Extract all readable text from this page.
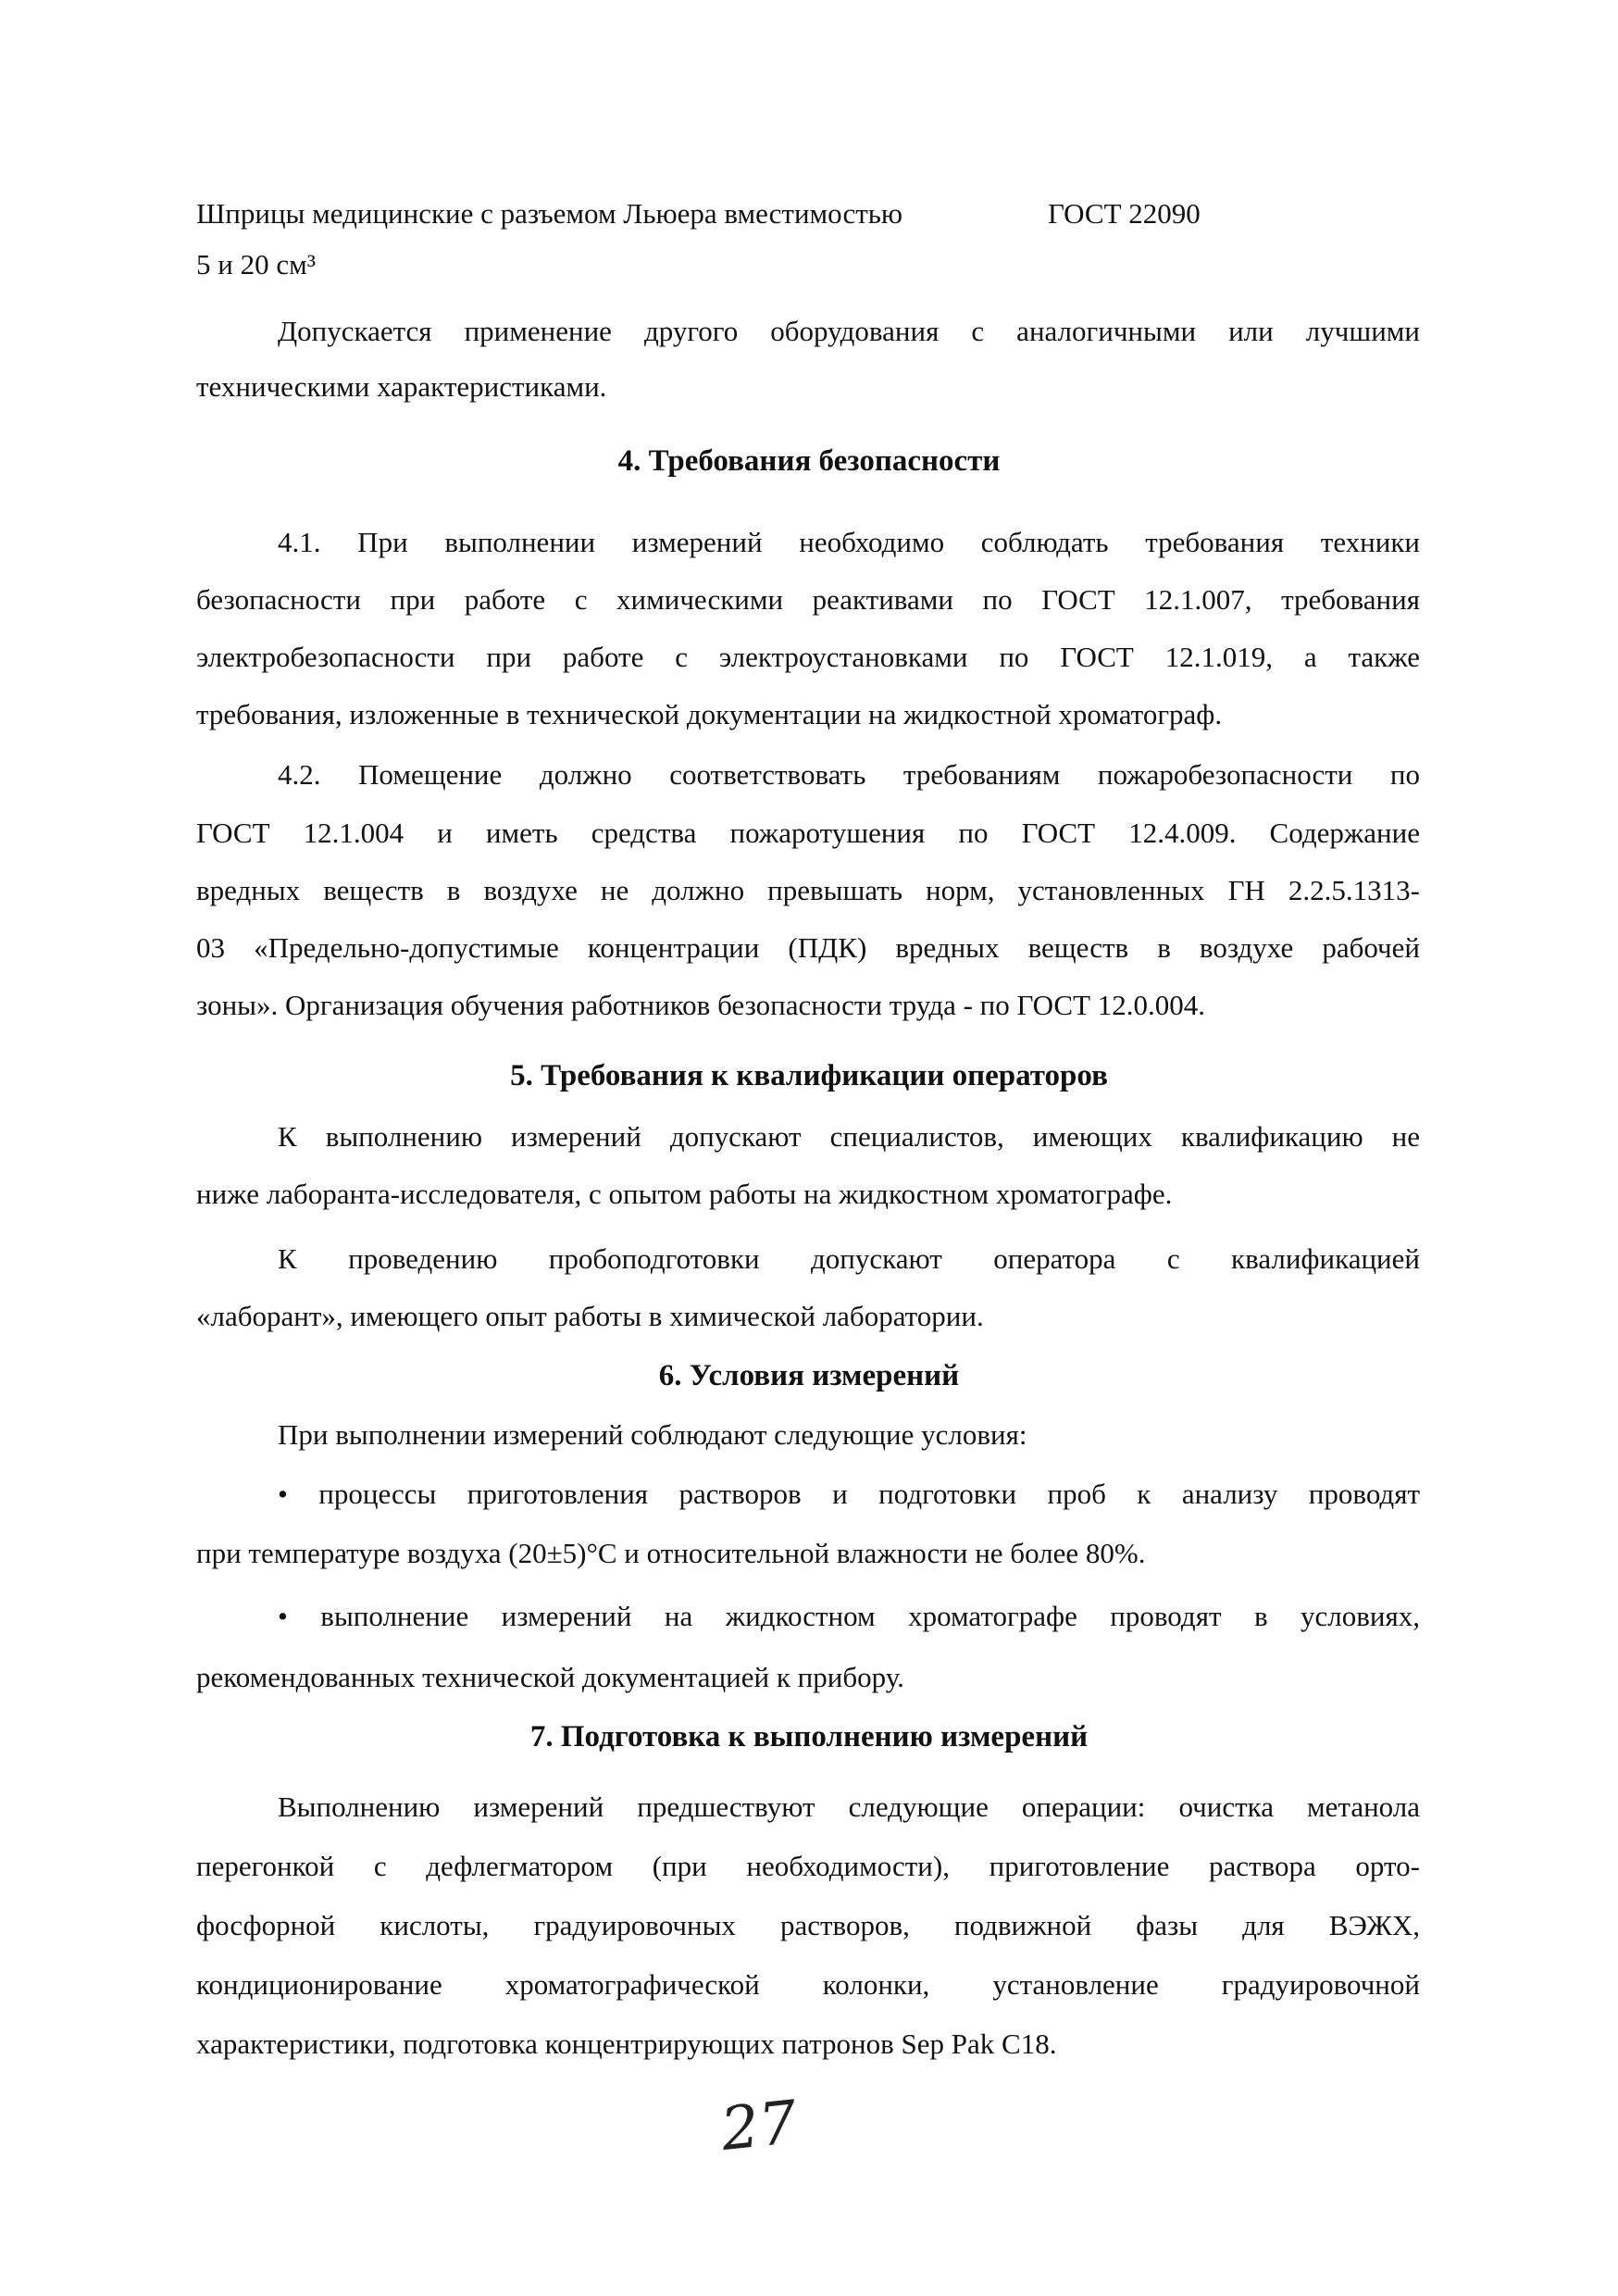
Шприцы медицинские с разъемом Льюера вместимостью	ГОСТ 22090
5 и 20 см³
Допускается применение другого оборудования с аналогичными или лучшими
техническими характеристиками.
4. Требования безопасности
4.1. При выполнении измерений необходимо соблюдать требования техники
безопасности при работе с химическими реактивами по ГОСТ 12.1.007, требования
электробезопасности при работе с электроустановками по ГОСТ 12.1.019, а также
требования, изложенные в технической документации на жидкостной хроматограф.
4.2. Помещение должно соответствовать требованиям пожаробезопасности по
ГОСТ 12.1.004 и иметь средства пожаротушения по ГОСТ 12.4.009. Содержание
вредных веществ в воздухе не должно превышать норм, установленных ГН 2.2.5.1313-
03 «Предельно-допустимые концентрации (ПДК) вредных веществ в воздухе рабочей
зоны». Организация обучения работников безопасности труда - по ГОСТ 12.0.004.
5. Требования к квалификации операторов
К выполнению измерений допускают специалистов, имеющих квалификацию не
ниже лаборанта-исследователя, с опытом работы на жидкостном хроматографе.
К проведению пробоподготовки допускают оператора с квалификацией
«лаборант», имеющего опыт работы в химической лаборатории.
6. Условия измерений
При выполнении измерений соблюдают следующие условия:
• процессы приготовления растворов и подготовки проб к анализу проводят
при температуре воздуха (20±5)°С и относительной влажности не более 80%.
• выполнение измерений на жидкостном хроматографе проводят в условиях,
рекомендованных технической документацией к прибору.
7. Подготовка к выполнению измерений
Выполнению измерений предшествуют следующие операции: очистка метанола
перегонкой с дефлегматором (при необходимости), приготовление раствора орто-
фосфорной кислоты, градуировочных растворов, подвижной фазы для ВЭЖХ,
кондиционирование хроматографической колонки, установление градуировочной
характеристики, подготовка концентрирующих патронов Sep Pak C18.
27
